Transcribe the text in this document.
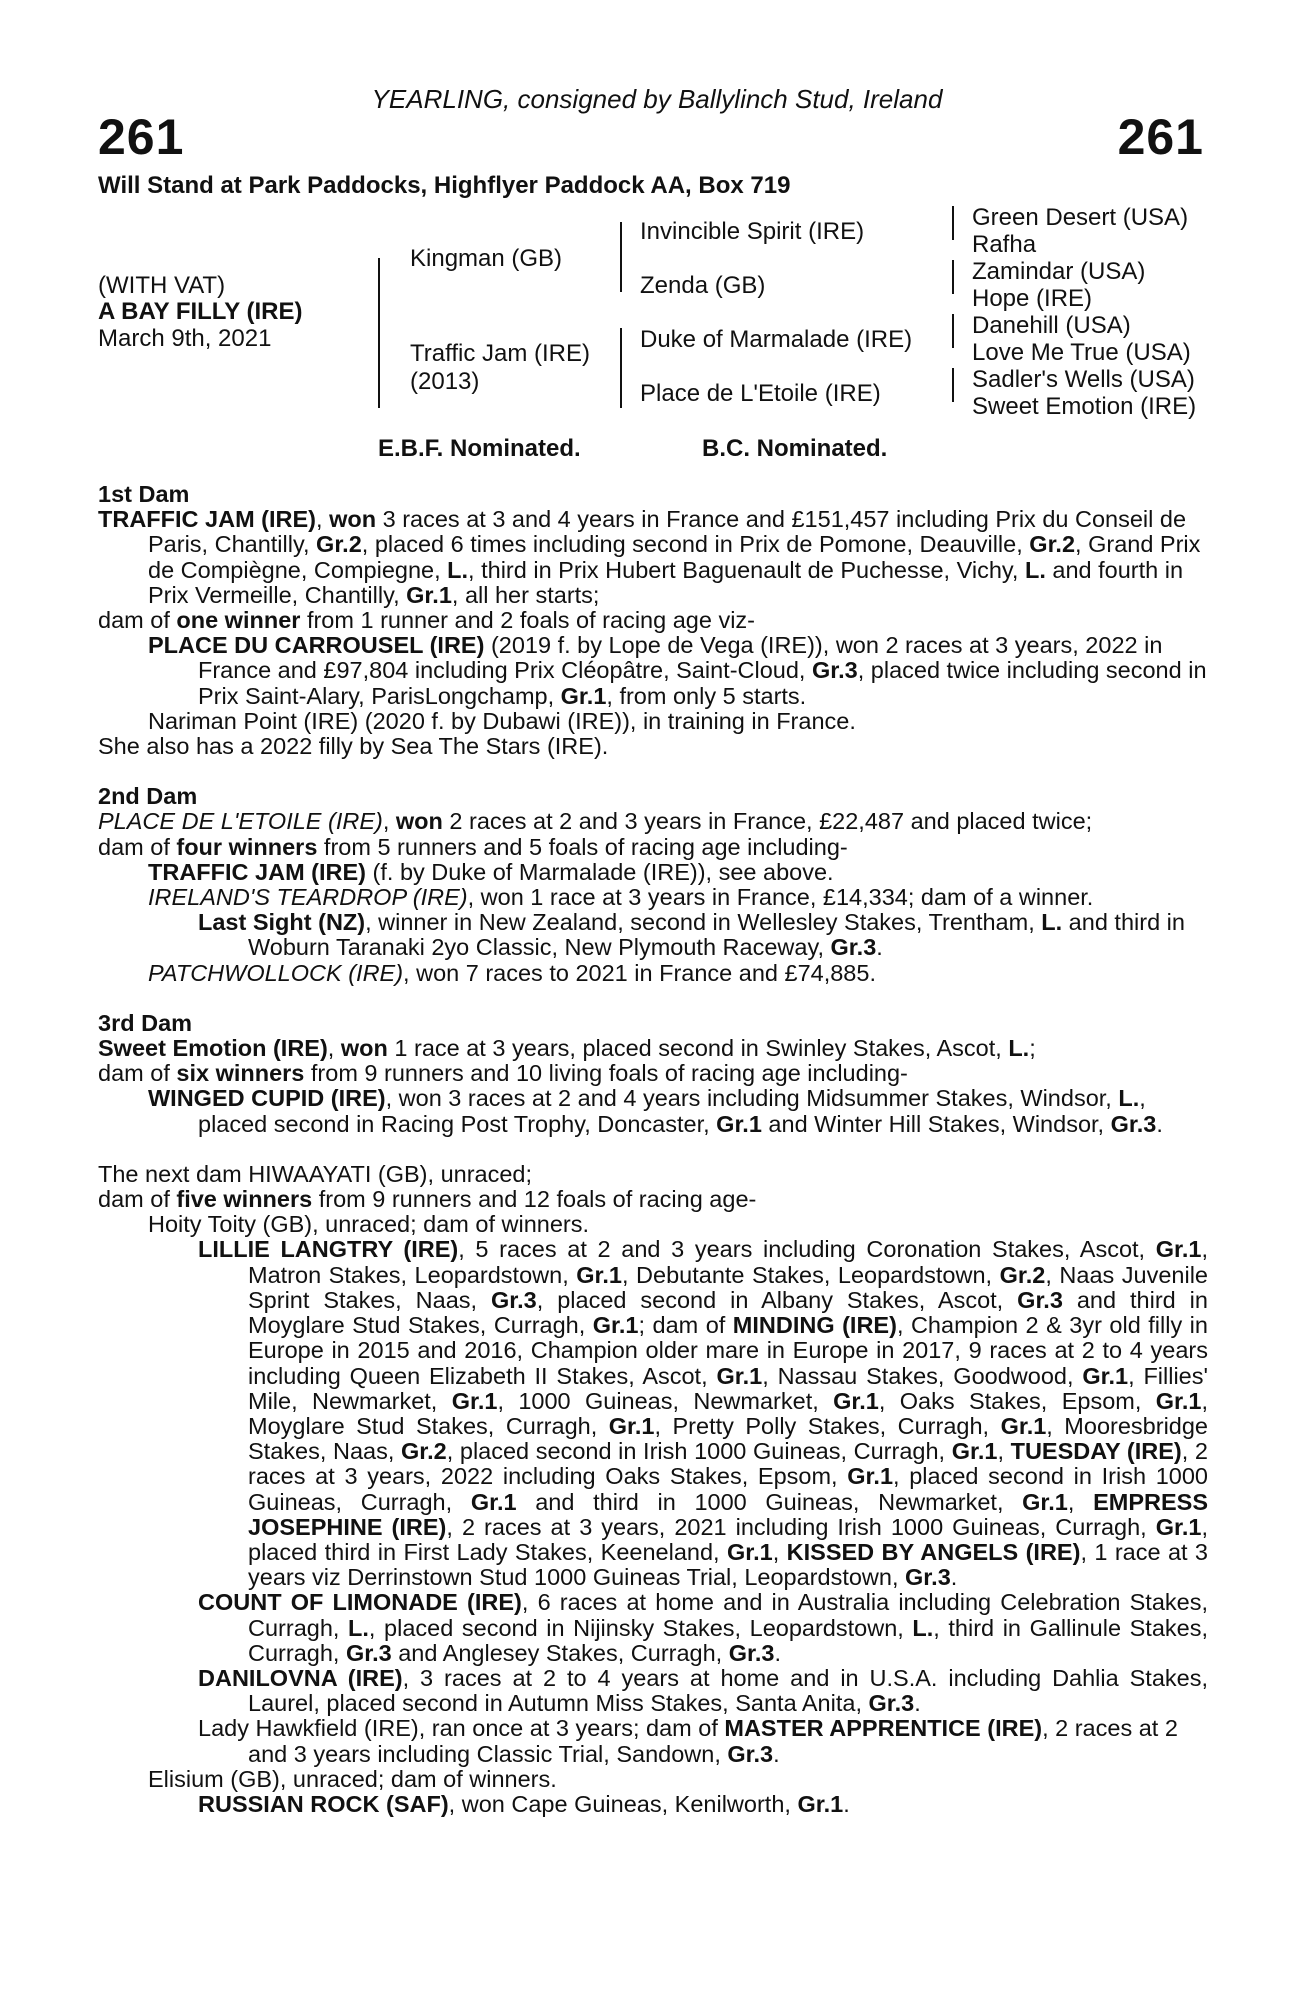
YEARLING, consigned by Ballylinch Stud, Ireland
261	261
Will Stand at Park Paddocks, Highflyer Paddock AA, Box 719
(WITH VAT)
A BAY FILLY (IRE)
March 9th, 2021
Kingman (GB)
Traffic Jam (IRE)
(2013)
Invincible Spirit (IRE)
Zenda (GB)
Duke of Marmalade (IRE)
Place de L'Etoile (IRE)
Green Desert (USA)
Rafha
Zamindar (USA)
Hope (IRE)
Danehill (USA)
Love Me True (USA)
Sadler's Wells (USA)
Sweet Emotion (IRE)
E.B.F. Nominated.	B.C. Nominated.

1st Dam

TRAFFIC JAM (IRE), won 3 races at 3 and 4 years in France and £151,457 including Prix du Conseil de Paris, Chantilly, Gr.2, placed 6 times including second in Prix de Pomone, Deauville, Gr.2, Grand Prix de Compiègne, Compiegne, L., third in Prix Hubert Baguenault de Puchesse, Vichy, L. and fourth in Prix Vermeille, Chantilly, Gr.1, all her starts;

dam of one winner from 1 runner and 2 foals of racing age viz-

PLACE DU CARROUSEL (IRE) (2019 f. by Lope de Vega (IRE)), won 2 races at 3 years, 2022 in France and £97,804 including Prix Cléopâtre, Saint-Cloud, Gr.3, placed twice including second in Prix Saint-Alary, ParisLongchamp, Gr.1, from only 5 starts.

Nariman Point (IRE) (2020 f. by Dubawi (IRE)), in training in France.

She also has a 2022 filly by Sea The Stars (IRE).

2nd Dam

PLACE DE L'ETOILE (IRE), won 2 races at 2 and 3 years in France, £22,487 and placed twice;

dam of four winners from 5 runners and 5 foals of racing age including-

TRAFFIC JAM (IRE) (f. by Duke of Marmalade (IRE)), see above.

IRELAND'S TEARDROP (IRE), won 1 race at 3 years in France, £14,334; dam of a winner.

Last Sight (NZ), winner in New Zealand, second in Wellesley Stakes, Trentham, L. and third in Woburn Taranaki 2yo Classic, New Plymouth Raceway, Gr.3.

PATCHWOLLOCK (IRE), won 7 races to 2021 in France and £74,885.

3rd Dam

Sweet Emotion (IRE), won 1 race at 3 years, placed second in Swinley Stakes, Ascot, L.;

dam of six winners from 9 runners and 10 living foals of racing age including-

WINGED CUPID (IRE), won 3 races at 2 and 4 years including Midsummer Stakes, Windsor, L., placed second in Racing Post Trophy, Doncaster, Gr.1 and Winter Hill Stakes, Windsor, Gr.3.

The next dam HIWAAYATI (GB), unraced;

dam of five winners from 9 runners and 12 foals of racing age-

Hoity Toity (GB), unraced; dam of winners.

LILLIE LANGTRY (IRE), 5 races at 2 and 3 years including Coronation Stakes, Ascot, Gr.1, Matron Stakes, Leopardstown, Gr.1, Debutante Stakes, Leopardstown, Gr.2, Naas Juvenile Sprint Stakes, Naas, Gr.3, placed second in Albany Stakes, Ascot, Gr.3 and third in Moyglare Stud Stakes, Curragh, Gr.1; dam of MINDING (IRE), Champion 2 & 3yr old filly in Europe in 2015 and 2016, Champion older mare in Europe in 2017, 9 races at 2 to 4 years including Queen Elizabeth II Stakes, Ascot, Gr.1, Nassau Stakes, Goodwood, Gr.1, Fillies' Mile, Newmarket, Gr.1, 1000 Guineas, Newmarket, Gr.1, Oaks Stakes, Epsom, Gr.1, Moyglare Stud Stakes, Curragh, Gr.1, Pretty Polly Stakes, Curragh, Gr.1, Mooresbridge Stakes, Naas, Gr.2, placed second in Irish 1000 Guineas, Curragh, Gr.1, TUESDAY (IRE), 2 races at 3 years, 2022 including Oaks Stakes, Epsom, Gr.1, placed second in Irish 1000 Guineas, Curragh, Gr.1 and third in 1000 Guineas, Newmarket, Gr.1, EMPRESS JOSEPHINE (IRE), 2 races at 3 years, 2021 including Irish 1000 Guineas, Curragh, Gr.1, placed third in First Lady Stakes, Keeneland, Gr.1, KISSED BY ANGELS (IRE), 1 race at 3 years viz Derrinstown Stud 1000 Guineas Trial, Leopardstown, Gr.3.

COUNT OF LIMONADE (IRE), 6 races at home and in Australia including Celebration Stakes, Curragh, L., placed second in Nijinsky Stakes, Leopardstown, L., third in Gallinule Stakes, Curragh, Gr.3 and Anglesey Stakes, Curragh, Gr.3.

DANILOVNA (IRE), 3 races at 2 to 4 years at home and in U.S.A. including Dahlia Stakes, Laurel, placed second in Autumn Miss Stakes, Santa Anita, Gr.3.

Lady Hawkfield (IRE), ran once at 3 years; dam of MASTER APPRENTICE (IRE), 2 races at 2 and 3 years including Classic Trial, Sandown, Gr.3.

Elisium (GB), unraced; dam of winners.

RUSSIAN ROCK (SAF), won Cape Guineas, Kenilworth, Gr.1.
